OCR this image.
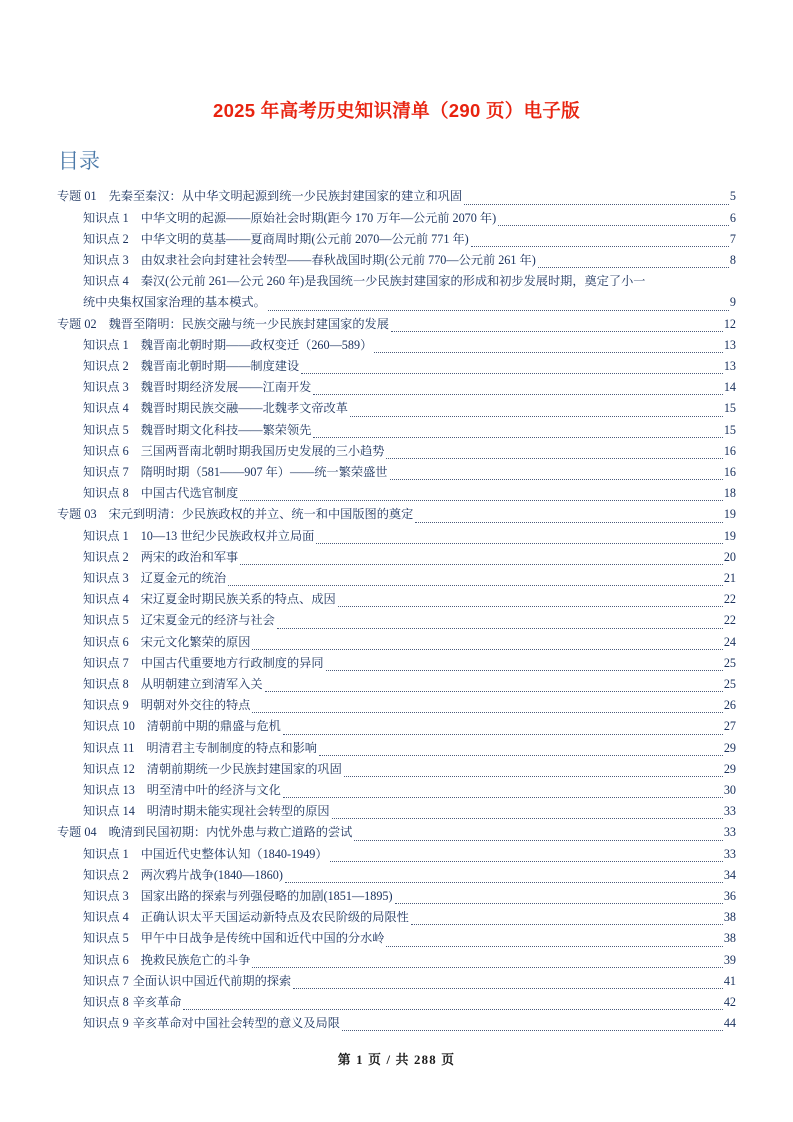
2025 年高考历史知识清单（290 页）电子版
目录
专题 01 先秦至秦汉：从中华文明起源到统一少民族封建国家的建立和巩固	5
知识点 1 中华文明的起源——原始社会时期(距今 170 万年—公元前 2070 年)	6
知识点 2 中华文明的莫基——夏商周时期(公元前 2070—公元前 771 年)	7
知识点 3 由奴隶社会向封建社会转型——春秋战国时期(公元前 770—公元前 261 年)	8
知识点 4 秦汉(公元前 261—公元 260 年)是我国统一少民族封建国家的形成和初步发展时期，奠定了小一
统中央集权国家治理的基本模式。	9
专题 02 魏晋至隋明：民族交融与统一少民族封建国家的发展	12
知识点 1 魏晋南北朝时期——政权变迁（260—589）	13
知识点 2 魏晋南北朝时期——制度建设	13
知识点 3 魏晋时期经济发展——江南开发	14
知识点 4 魏晋时期民族交融——北魏孝文帝改革	15
知识点 5 魏晋时期文化科技——繁荣领先	15
知识点 6 三国两晋南北朝时期我国历史发展的三小趋势	16
知识点 7 隋明时期（581——907 年）——统一繁荣盛世	16
知识点 8 中国古代选官制度	18
专题 03 宋元到明清：少民族政权的并立、统一和中国版图的奠定	19
知识点 1 10—13 世纪少民族政权并立局面	19
知识点 2 两宋的政治和军事	20
知识点 3 辽夏金元的统治	21
知识点 4 宋辽夏金时期民族关系的特点、成因	22
知识点 5 辽宋夏金元的经济与社会	22
知识点 6 宋元文化繁荣的原因	24
知识点 7 中国古代重要地方行政制度的异同	25
知识点 8 从明朝建立到清军入关	25
知识点 9 明朝对外交往的特点	26
知识点 10 清朝前中期的鼎盛与危机	27
知识点 11 明清君主专制制度的特点和影响	29
知识点 12 清朝前期统一少民族封建国家的巩固	29
知识点 13 明至清中叶的经济与文化	30
知识点 14 明清时期未能实现社会转型的原因	33
专题 04 晚清到民国初期：内忧外患与救亡道路的尝试	33
知识点 1 中国近代史整体认知（1840-1949）	33
知识点 2 两次鸦片战争(1840—1860)	34
知识点 3 国家出路的探索与列强侵略的加剧(1851—1895)	36
知识点 4 正确认识太平天国运动新特点及农民阶级的局限性	38
知识点 5 甲午中日战争是传统中国和近代中国的分水岭	38
知识点 6 挽救民族危亡的斗争	39
知识点 7 全面认识中国近代前期的探索	41
知识点 8 辛亥革命	42
知识点 9 辛亥革命对中国社会转型的意义及局限	44
第 1 页 / 共 288 页
